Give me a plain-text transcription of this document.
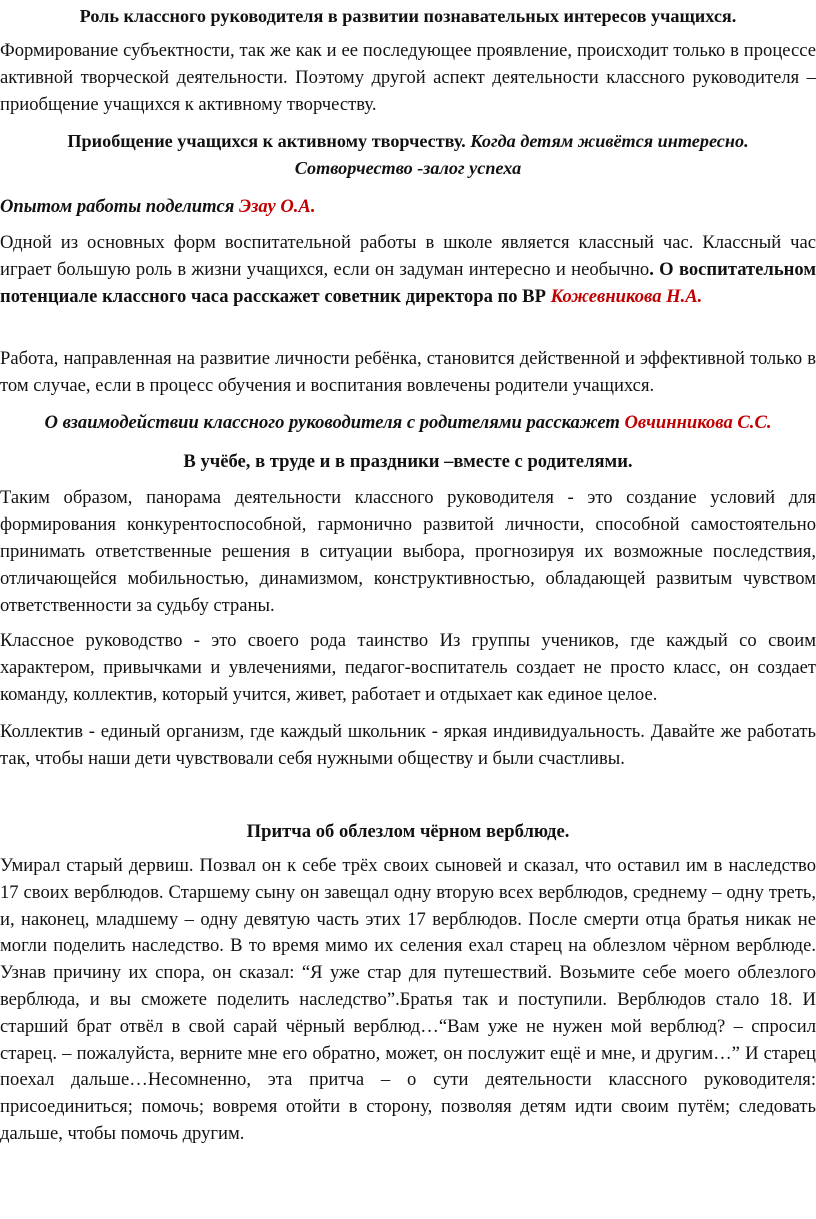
Роль классного руководителя в развитии познавательных интересов учащихся.

Формирование субъектности, так же как и ее последующее проявление, происходит только в процессе активной творческой деятельности. Поэтому другой аспект деятельности классного руководителя – приобщение учащихся к активному творчеству.

Приобщение учащихся к активному творчеству. Когда детям живётся интересно.
Сотворчество -залог успеха

Опытом работы поделится Эзау О.А.

Одной из основных форм воспитательной работы в школе является классный час. Классный час играет большую роль в жизни учащихся, если он задуман интересно и необычно. О воспитательном потенциале классного часа расскажет советник директора по ВР Кожевникова Н.А.

Работа, направленная на развитие личности ребёнка, становится действенной и эффективной только в том случае, если в процесс обучения и воспитания вовлечены родители учащихся.

О взаимодействии классного руководителя с родителями расскажет Овчинникова С.С.

В учёбе, в труде и в праздники –вместе с родителями.

Таким образом, панорама деятельности классного руководителя - это создание условий для формирования конкурентоспособной, гармонично развитой личности, способной самостоятельно принимать ответственные решения в ситуации выбора, прогнозируя их возможные последствия, отличающейся мобильностью, динамизмом, конструктивностью, обладающей развитым чувством ответственности за судьбу страны.

Классное руководство - это своего рода таинство Из группы учеников, где каждый со своим характером, привычками и увлечениями, педагог-воспитатель создает не просто класс, он создает команду, коллектив, который учится, живет, работает и отдыхает как единое целое.

Коллектив - единый организм, где каждый школьник - яркая индивидуальность. Давайте же работать так, чтобы наши дети чувствовали себя нужными обществу и были счастливы.

Притча об облезлом чёрном верблюде.

Умирал старый дервиш. Позвал он к себе трёх своих сыновей и сказал, что оставил им в наследство 17 своих верблюдов. Старшему сыну он завещал одну вторую всех верблюдов, среднему – одну треть, и, наконец, младшему – одну девятую часть этих 17 верблюдов. После смерти отца братья никак не могли поделить наследство. В то время мимо их селения ехал старец на облезлом чёрном верблюде. Узнав причину их спора, он сказал: “Я уже стар для путешествий. Возьмите себе моего облезлого верблюда, и вы сможете поделить наследство”.Братья так и поступили. Верблюдов стало 18. И старший брат отвёл в свой сарай чёрный верблюд…“Вам уже не нужен мой верблюд? – спросил старец. – пожалуйста, верните мне его обратно, может, он послужит ещё и мне, и другим…” И старец поехал дальше…Несомненно, эта притча – о сути деятельности классного руководителя: присоединиться; помочь; вовремя отойти в сторону, позволяя детям идти своим путём; следовать дальше, чтобы помочь другим.
